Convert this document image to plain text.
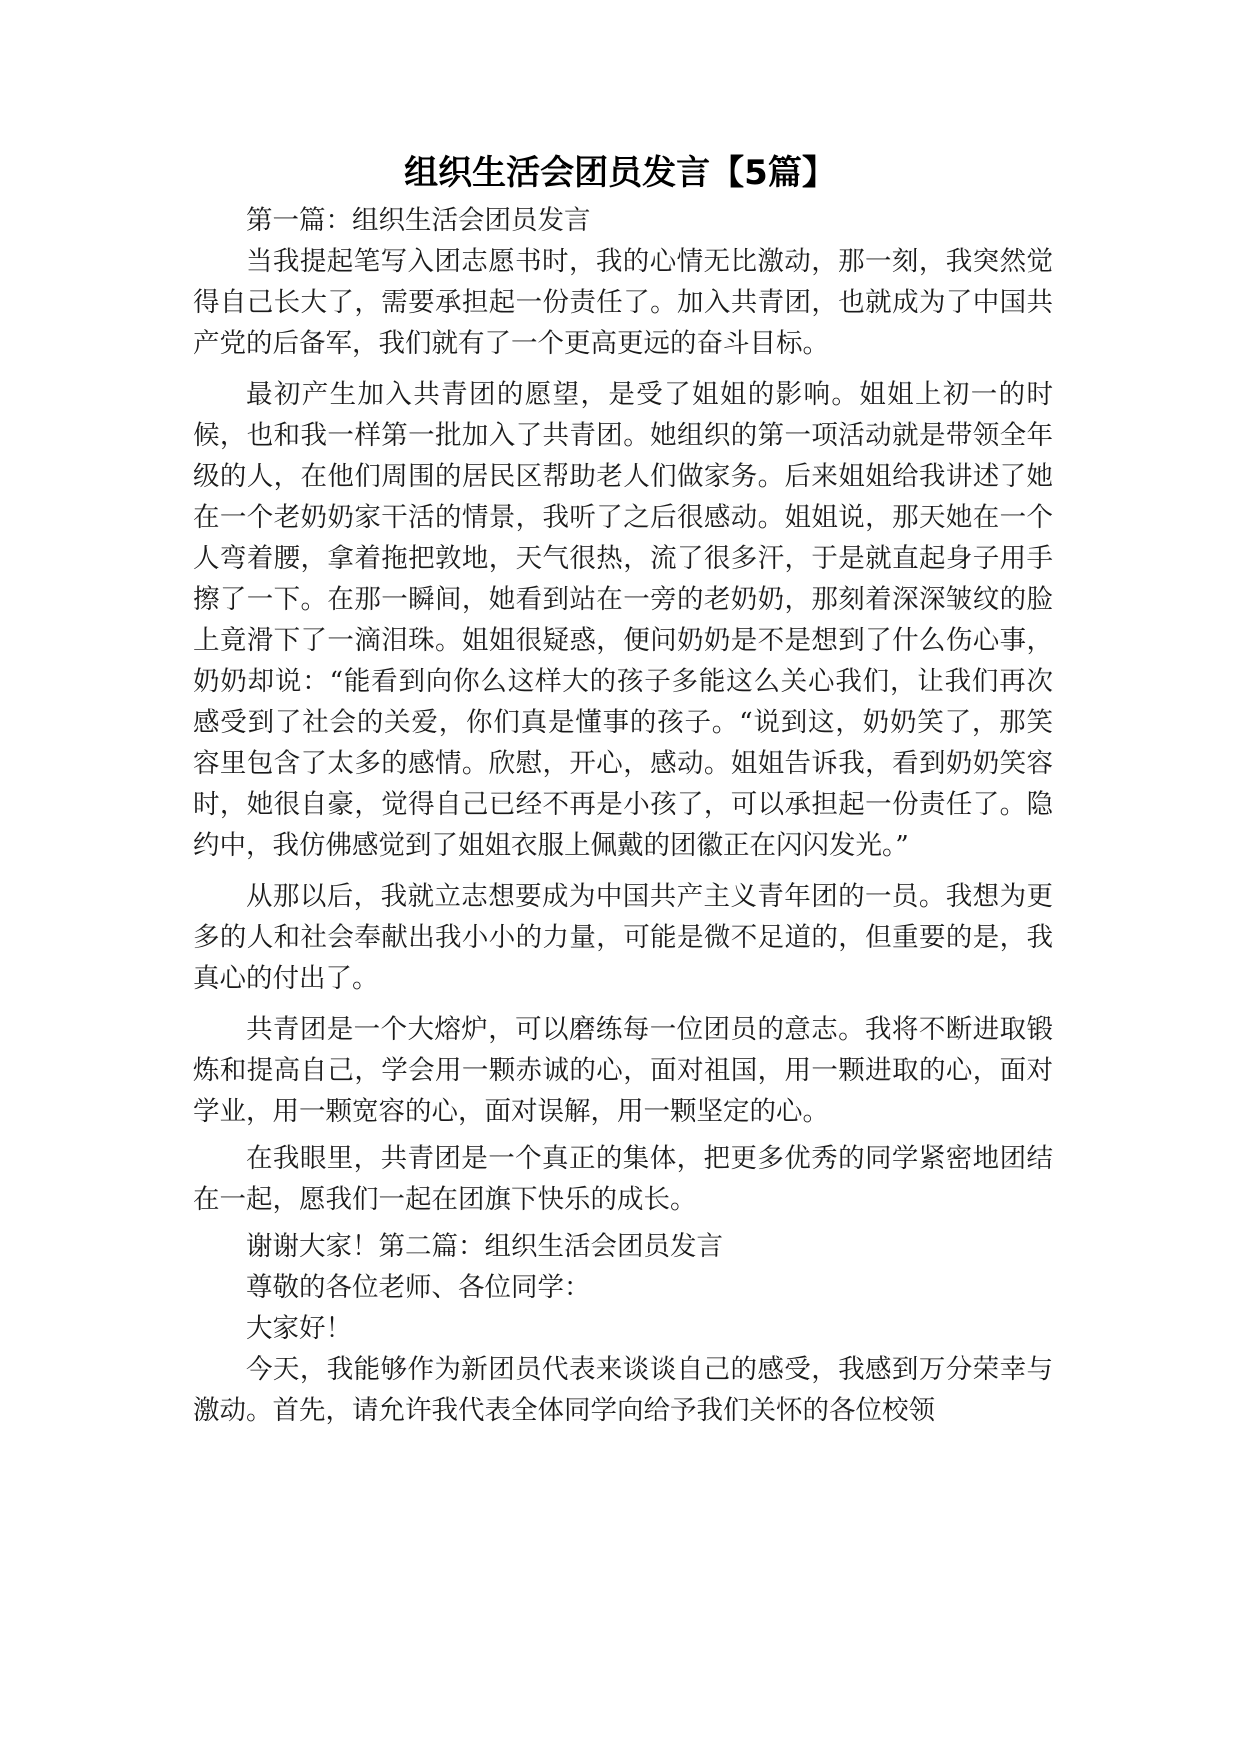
组织生活会团员发言【5篇】

第一篇：组织生活会团员发言

当我提起笔写入团志愿书时，我的心情无比激动，那一刻，我突然觉得自己长大了，需要承担起一份责任了。加入共青团，也就成为了中国共产党的后备军，我们就有了一个更高更远的奋斗目标。

最初产生加入共青团的愿望，是受了姐姐的影响。姐姐上初一的时候，也和我一样第一批加入了共青团。她组织的第一项活动就是带领全年级的人，在他们周围的居民区帮助老人们做家务。后来姐姐给我讲述了她在一个老奶奶家干活的情景，我听了之后很感动。姐姐说，那天她在一个人弯着腰，拿着拖把敦地，天气很热，流了很多汗，于是就直起身子用手擦了一下。在那一瞬间，她看到站在一旁的老奶奶，那刻着深深皱纹的脸上竟滑下了一滴泪珠。姐姐很疑惑，便问奶奶是不是想到了什么伤心事，奶奶却说：“能看到向你么这样大的孩子多能这么关心我们，让我们再次感受到了社会的关爱，你们真是懂事的孩子。“说到这，奶奶笑了，那笑容里包含了太多的感情。欣慰，开心，感动。姐姐告诉我，看到奶奶笑容时，她很自豪，觉得自己已经不再是小孩了，可以承担起一份责任了。隐约中，我仿佛感觉到了姐姐衣服上佩戴的团徽正在闪闪发光。”

从那以后，我就立志想要成为中国共产主义青年团的一员。我想为更多的人和社会奉献出我小小的力量，可能是微不足道的，但重要的是，我真心的付出了。

共青团是一个大熔炉，可以磨练每一位团员的意志。我将不断进取锻炼和提高自己，学会用一颗赤诚的心，面对祖国，用一颗进取的心，面对学业，用一颗宽容的心，面对误解，用一颗坚定的心。

在我眼里，共青团是一个真正的集体，把更多优秀的同学紧密地团结在一起，愿我们一起在团旗下快乐的成长。

谢谢大家！第二篇：组织生活会团员发言

尊敬的各位老师、各位同学：

大家好！

今天，我能够作为新团员代表来谈谈自己的感受，我感到万分荣幸与激动。首先，请允许我代表全体同学向给予我们关怀的各位校领
